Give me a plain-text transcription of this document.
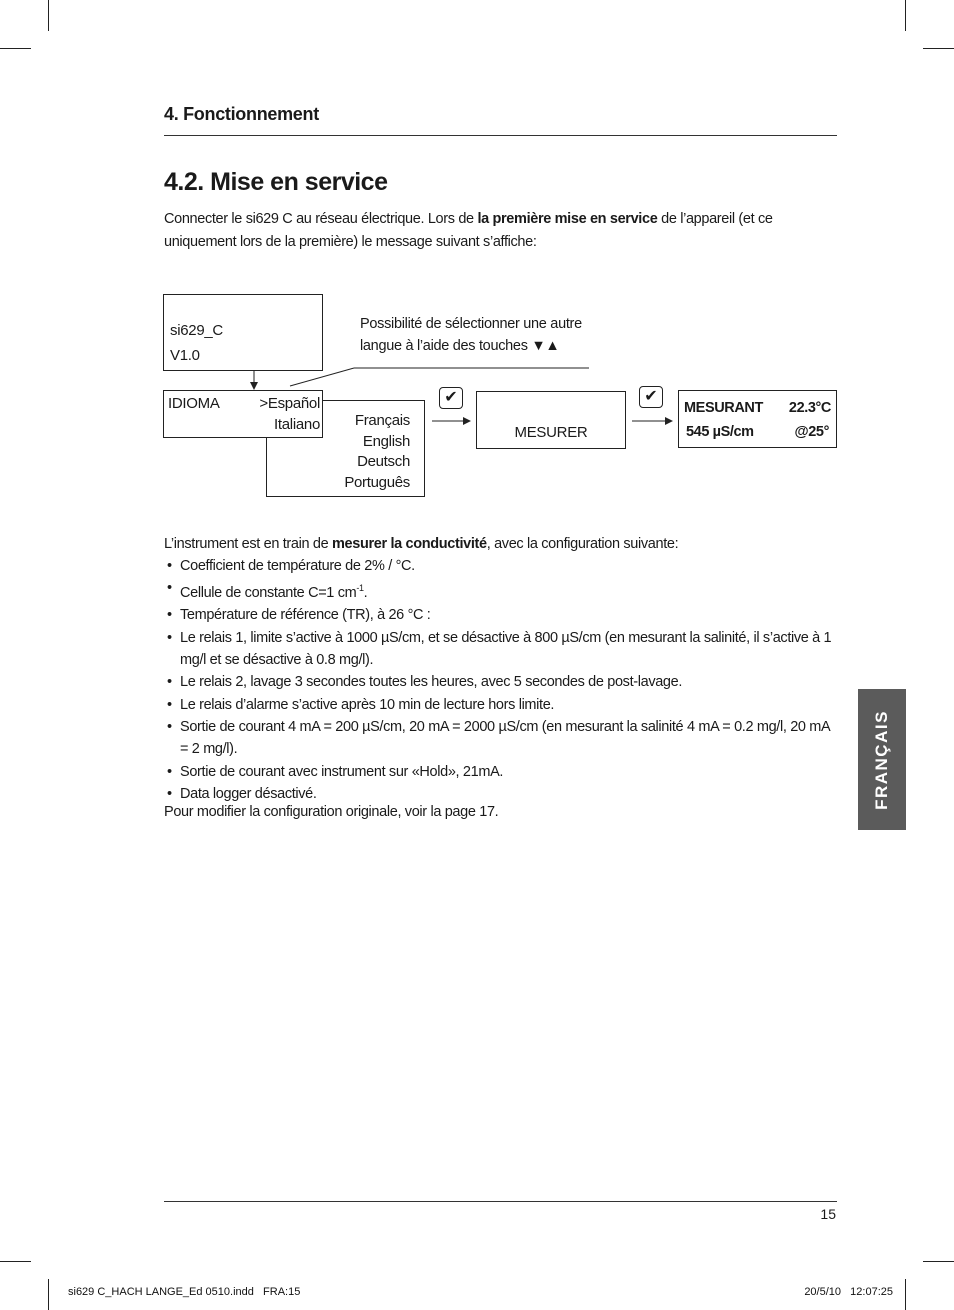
4. Fonctionnement
4.2. Mise en service
Connecter le si629 C au réseau électrique. Lors de la première mise en service de l’appareil (et ce uniquement lors de la première) le message suivant s’affiche:
si629_C
V1.0
Possibilité de sélectionner une autre
langue à l’aide des touches ▼▲
Français
English
Deutsch
Português
IDIOMA	>Español
Italiano
✔	✔
MESURER
MESURANT 22.3°C
545 µS/cm	@25°
L’instrument est en train de mesurer la conductivité, avec la configuration suivante:
• Coefficient de température de 2% / °C.
• Cellule de constante C=1 $cm^{-1}$.
• Température de référence (TR), à 26 °C :
• Le relais 1, limite s’active à 1000 µS/cm, et se désactive à 800 µS/cm (en mesurant la salinité, il s’active à 1 mg/l et se désactive à 0.8 mg/l).
• Le relais 2, lavage 3 secondes toutes les heures, avec 5 secondes de post-lavage.
• Le relais d’alarme s’active après 10 min de lecture hors limite.
• Sortie de courant 4 mA = 200 µS/cm, 20 mA = 2000 µS/cm (en mesurant la salinité 4 mA = 0.2 mg/l, 20 mA = 2 mg/l).
• Sortie de courant avec instrument sur «Hold», 21mA.
• Data logger désactivé.
Pour modifier la configuration originale, voir la page 17.
FRANÇAIS
15
si629 C_HACH LANGE_Ed 0510.indd   FRA:15	20/5/10   12:07:25
